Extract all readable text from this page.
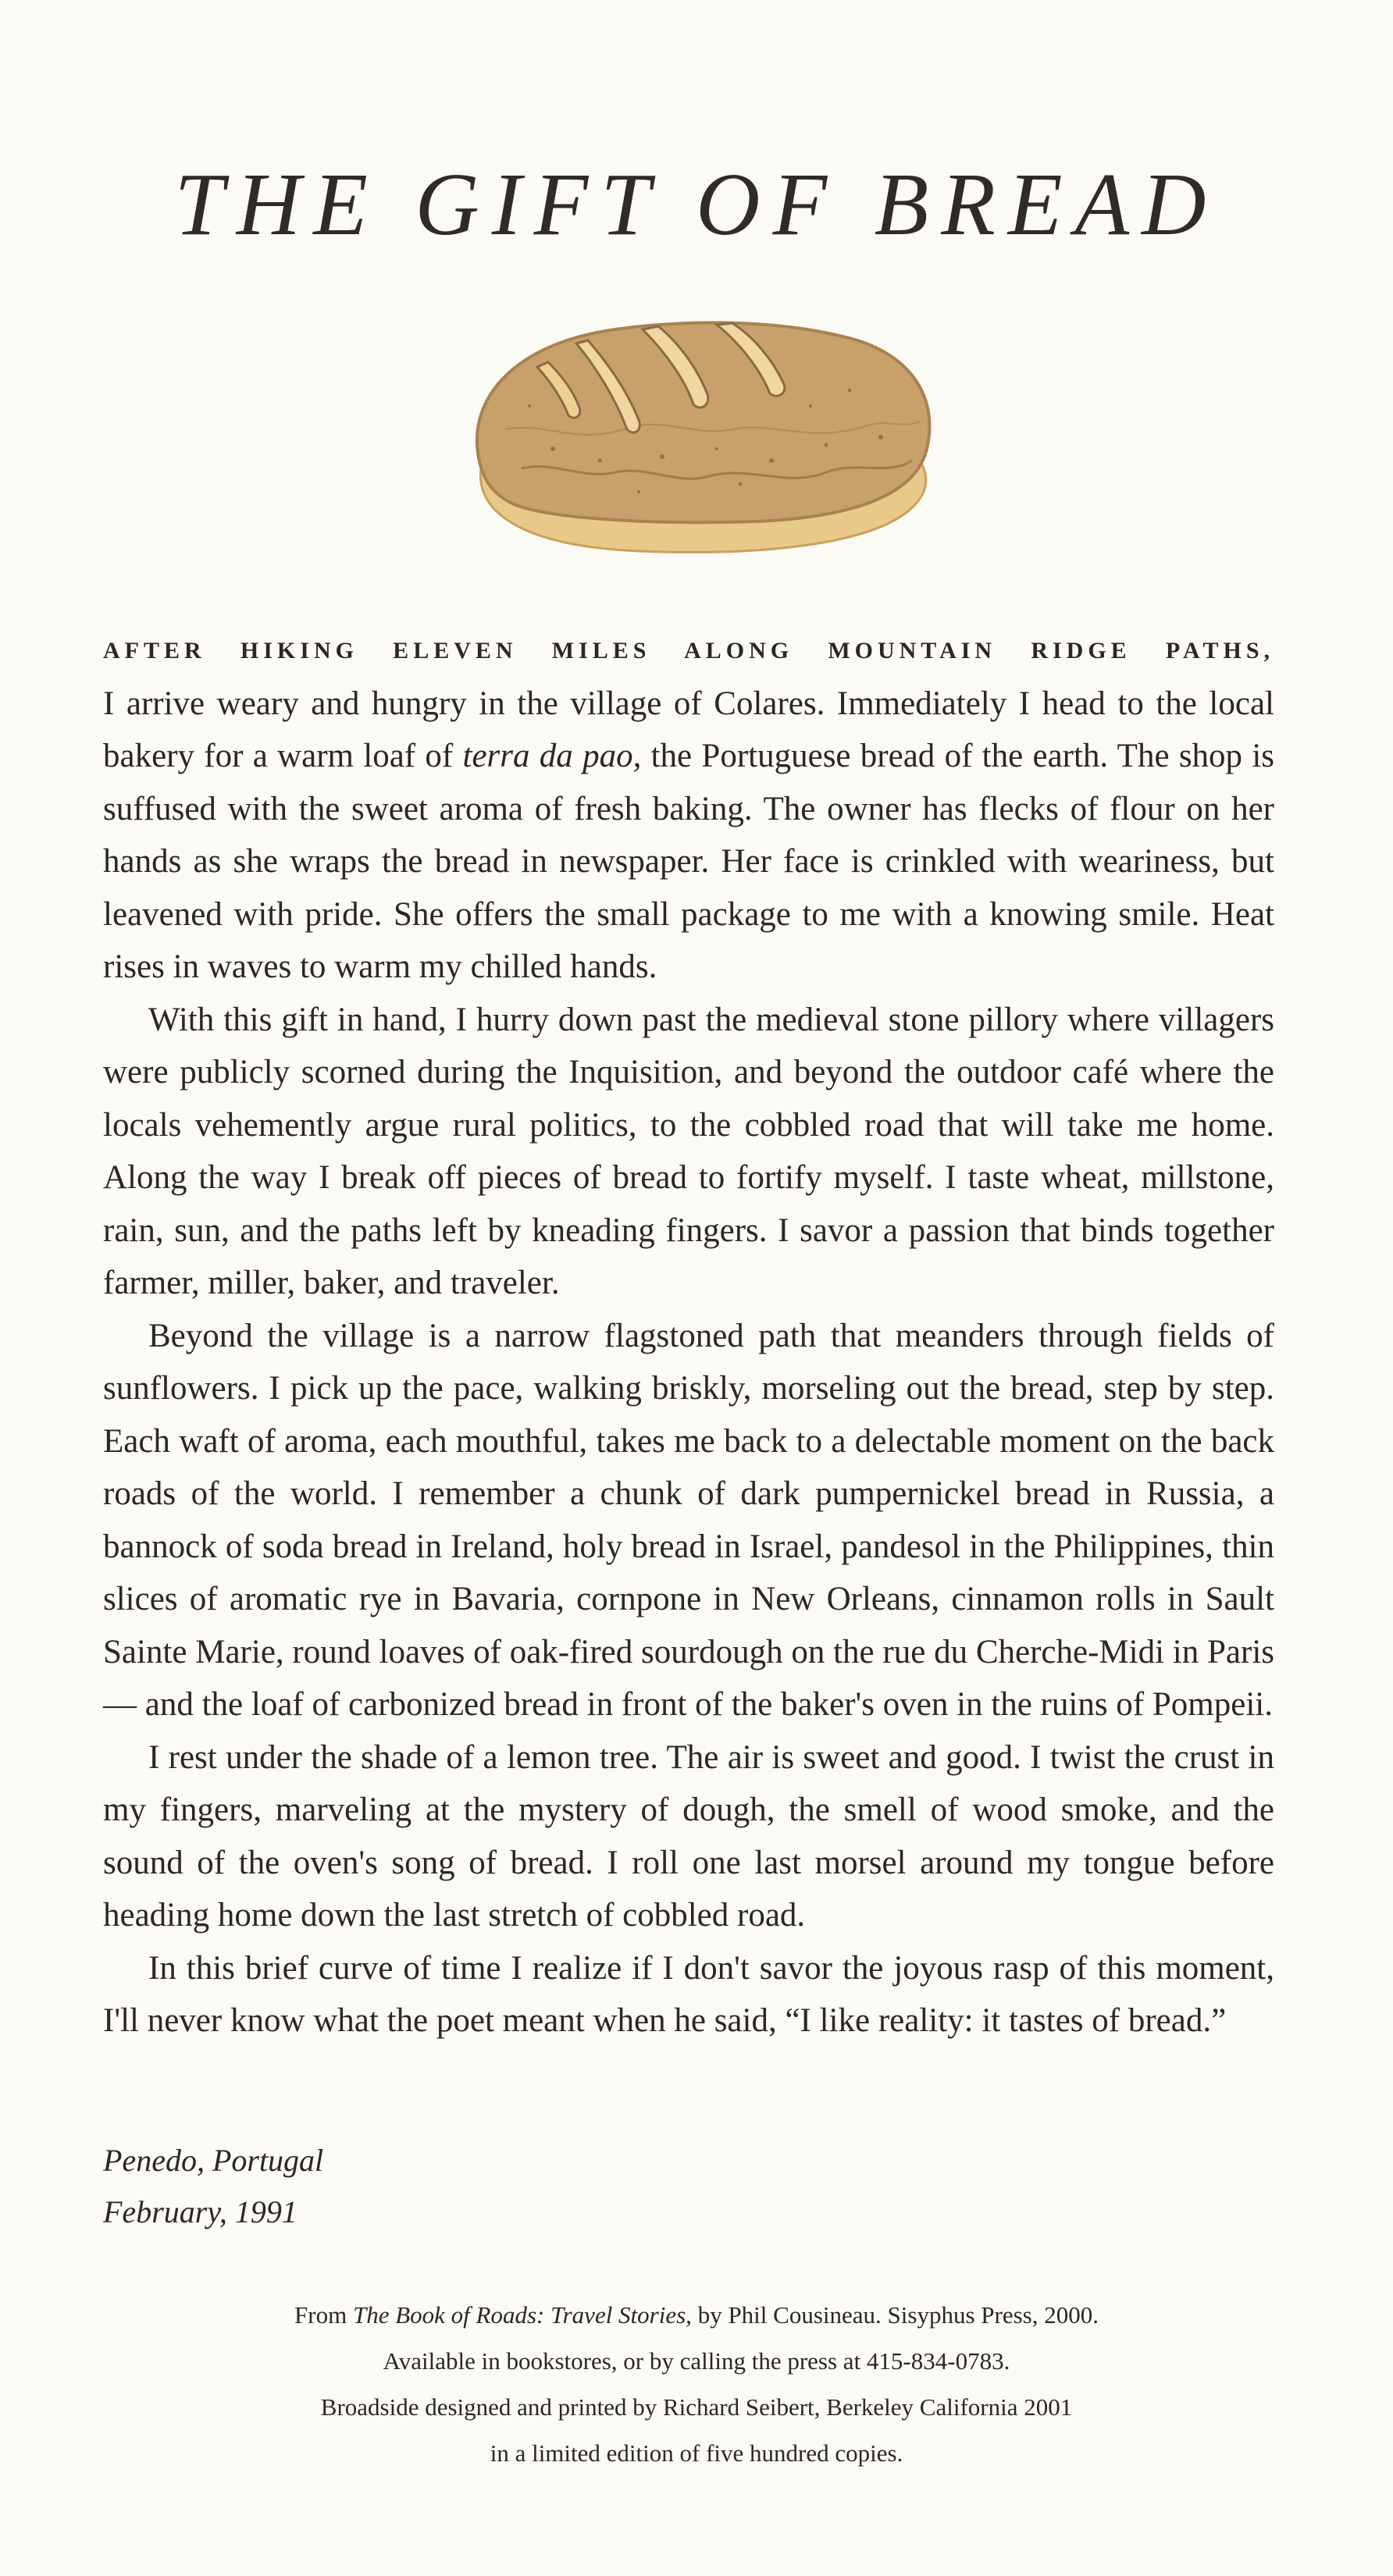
THE GIFT OF BREAD
AFTER HIKING ELEVEN MILES ALONG MOUNTAIN RIDGE PATHS,

I arrive weary and hungry in the village of Colares. Immediately I head to the local bakery for a warm loaf of terra da pao, the Portuguese bread of the earth. The shop is suffused with the sweet aroma of fresh baking. The owner has flecks of flour on her hands as she wraps the bread in newspaper. Her face is crinkled with weariness, but leavened with pride. She offers the small package to me with a knowing smile. Heat rises in waves to warm my chilled hands.

With this gift in hand, I hurry down past the medieval stone pillory where villagers were publicly scorned during the Inquisition, and beyond the outdoor café where the locals vehemently argue rural politics, to the cobbled road that will take me home. Along the way I break off pieces of bread to fortify myself. I taste wheat, millstone, rain, sun, and the paths left by kneading fingers. I savor a passion that binds together farmer, miller, baker, and traveler.

Beyond the village is a narrow flagstoned path that meanders through fields of sunflowers. I pick up the pace, walking briskly, morseling out the bread, step by step. Each waft of aroma, each mouthful, takes me back to a delectable moment on the back roads of the world. I remember a chunk of dark pumpernickel bread in Russia, a bannock of soda bread in Ireland, holy bread in Israel, pandesol in the Philippines, thin slices of aromatic rye in Bavaria, cornpone in New Orleans, cinnamon rolls in Sault Sainte Marie, round loaves of oak-fired sourdough on the rue du Cherche-Midi in Paris — and the loaf of carbonized bread in front of the baker's oven in the ruins of Pompeii.

I rest under the shade of a lemon tree. The air is sweet and good. I twist the crust in my fingers, marveling at the mystery of dough, the smell of wood smoke, and the sound of the oven's song of bread. I roll one last morsel around my tongue before heading home down the last stretch of cobbled road.

In this brief curve of time I realize if I don't savor the joyous rasp of this moment, I'll never know what the poet meant when he said, “I like reality: it tastes of bread.”

Penedo, Portugal
February, 1991
From The Book of Roads: Travel Stories, by Phil Cousineau. Sisyphus Press, 2000.
Available in bookstores, or by calling the press at 415-834-0783.
Broadside designed and printed by Richard Seibert, Berkeley California 2001
in a limited edition of five hundred copies.
